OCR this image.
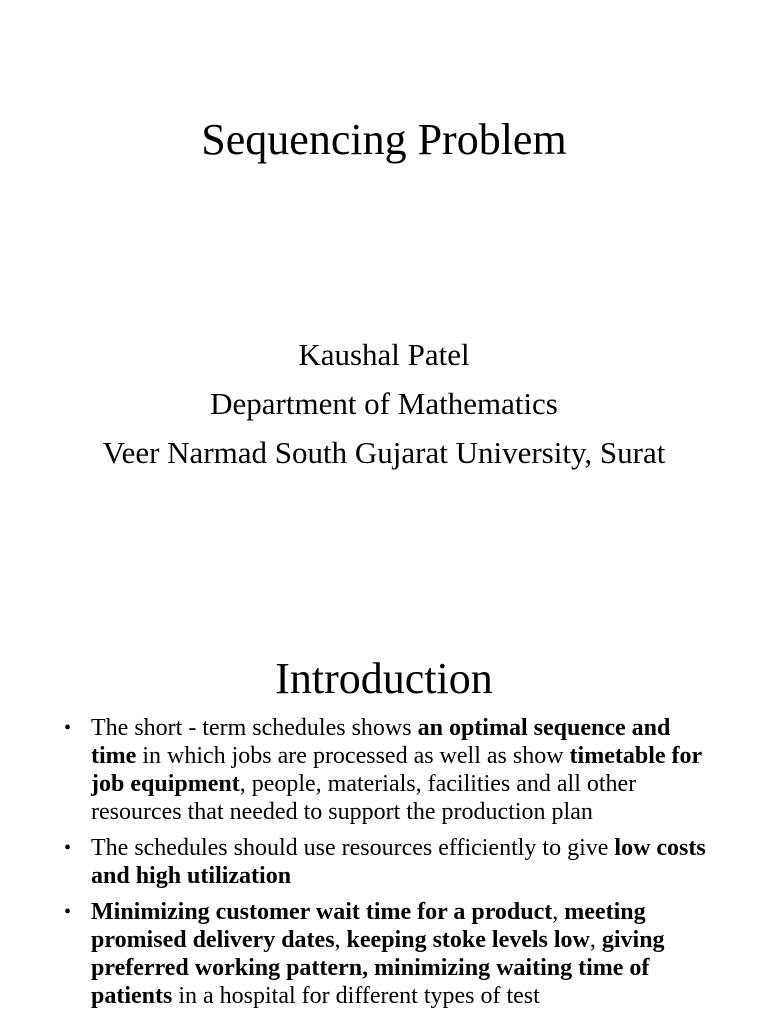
Sequencing Problem
Kaushal Patel
Department of Mathematics
Veer Narmad South Gujarat University, Surat
Introduction
• The short - term schedules shows an optimal sequence and time in which jobs are processed as well as show timetable for job equipment, people, materials, facilities and all other resources that needed to support the production plan
• The schedules should use resources efficiently to give low costs and high utilization
• Minimizing customer wait time for a product, meeting promised delivery dates, keeping stoke levels low, giving preferred working pattern, minimizing waiting time of patients in a hospital for different types of test
